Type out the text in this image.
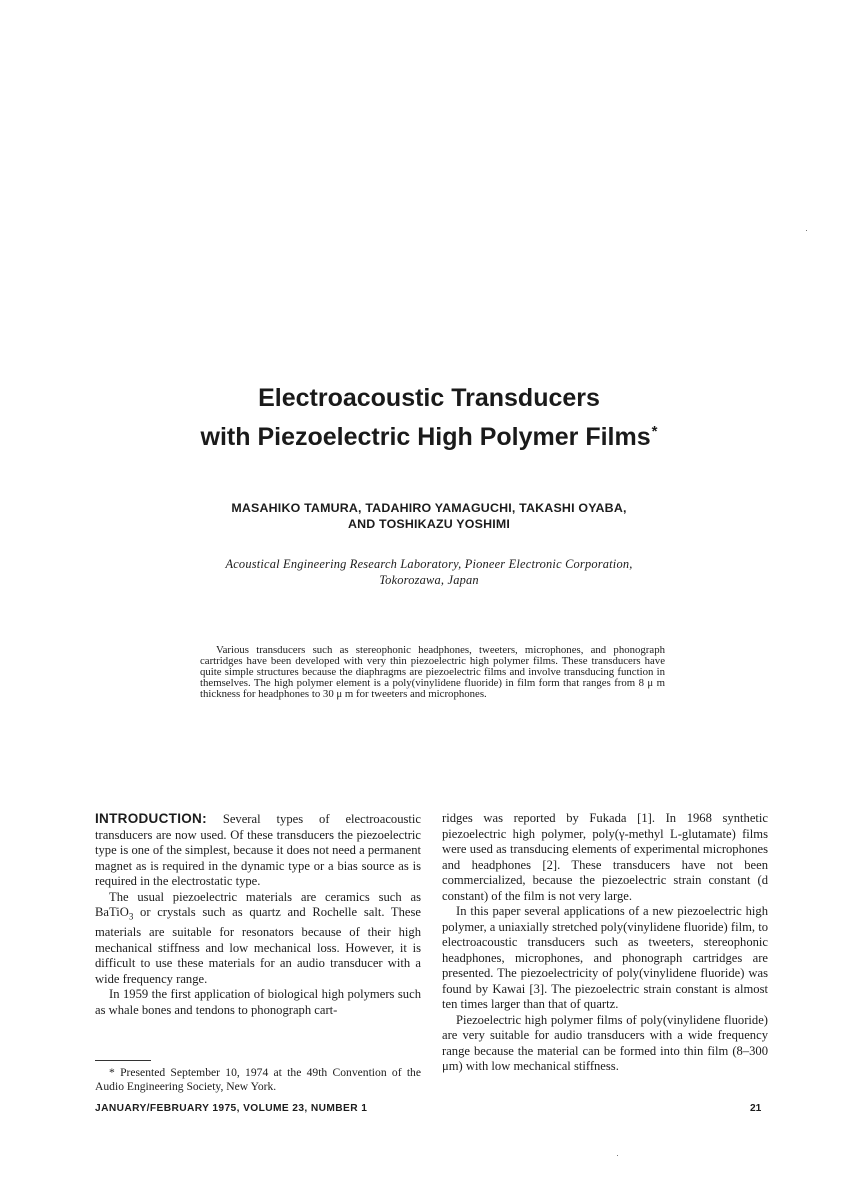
Electroacoustic Transducers
with Piezoelectric High Polymer Films*
MASAHIKO TAMURA, TADAHIRO YAMAGUCHI, TAKASHI OYABA,
AND TOSHIKAZU YOSHIMI
Acoustical Engineering Research Laboratory, Pioneer Electronic Corporation,
Tokorozawa, Japan

Various transducers such as stereophonic headphones, tweeters, microphones, and phonograph cartridges have been developed with very thin piezoelectric high polymer films. These transducers have quite simple structures because the diaphragms are piezoelectric films and involve transducing function in themselves. The high polymer element is a poly(vinylidene fluoride) in film form that ranges from 8 μ m thickness for headphones to 30 μ m for tweeters and microphones.

INTRODUCTION: Several types of electroacoustic transducers are now used. Of these transducers the piezoelectric type is one of the simplest, because it does not need a permanent magnet as is required in the dynamic type or a bias source as is required in the electrostatic type.

The usual piezoelectric materials are ceramics such as BaTiO$_3$ or crystals such as quartz and Rochelle salt. These materials are suitable for resonators because of their high mechanical stiffness and low mechanical loss. However, it is difficult to use these materials for an audio transducer with a wide frequency range.

In 1959 the first application of biological high polymers such as whale bones and tendons to phonograph cart-

ridges was reported by Fukada [1]. In 1968 synthetic piezoelectric high polymer, poly(γ-methyl L-glutamate) films were used as transducing elements of experimental microphones and headphones [2]. These transducers have not been commercialized, because the piezoelectric strain constant (d constant) of the film is not very large.

In this paper several applications of a new piezoelectric high polymer, a uniaxially stretched poly(vinylidene fluoride) film, to electroacoustic transducers such as tweeters, stereophonic headphones, microphones, and phonograph cartridges are presented. The piezoelectricity of poly(vinylidene fluoride) was found by Kawai [3]. The piezoelectric strain constant is almost ten times larger than that of quartz.

Piezoelectric high polymer films of poly(vinylidene fluoride) are very suitable for audio transducers with a wide frequency range because the material can be formed into thin film (8–300 μm) with low mechanical stiffness.

* Presented September 10, 1974 at the 49th Convention of the Audio Engineering Society, New York.

JANUARY/FEBRUARY 1975, VOLUME 23, NUMBER 1	21
